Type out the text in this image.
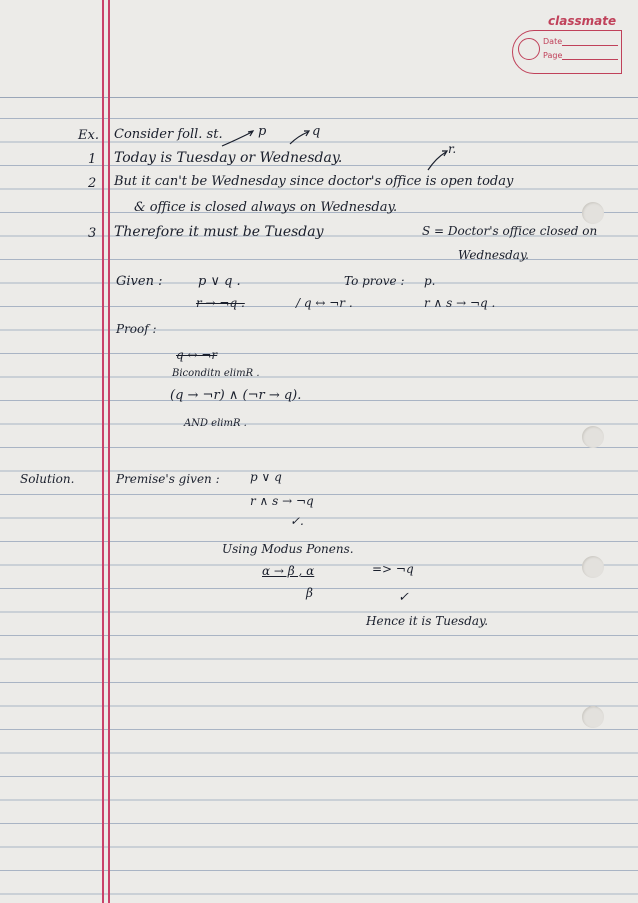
classmate
Date
Page
Ex. Consider foll. st.	p	q
r.
1 Today is Tuesday or Wednesday.
2 But it can't be Wednesday since doctor's office is open today
& office is closed always on Wednesday.
3 Therefore it must be Tuesday	S = Doctor's office closed on
Wednesday.
Given :	p ∨ q .	To prove : p.
r → ¬q .	/ q ↔ ¬r .	r ∧ s → ¬q .
Proof :
q ↔ ¬r
Biconditn elimR .
(q → ¬r) ∧ (¬r → q).
AND elimR .
Solution.	Premise's given :	p ∨ q
r ∧ s → ¬q
✓.
Using Modus Ponens.
α → β , α	=> ¬q
β	✓
Hence it is Tuesday.
